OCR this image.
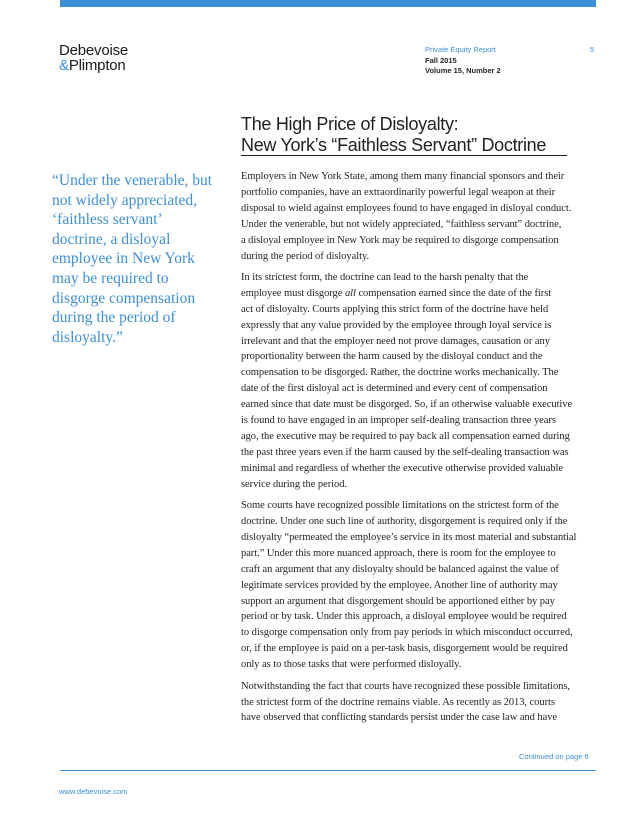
Debevoise
&Plimpton
Private Equity Report
Fall 2015
Volume 15, Number 2
5
The High Price of Disloyalty:
New York’s “Faithless Servant” Doctrine
“Under the venerable, but
not widely appreciated,
‘faithless servant’
doctrine, a disloyal
employee in New York
may be required to
disgorge compensation
during the period of
disloyalty.”

Employers in New York State, among them many financial sponsors and their
portfolio companies, have an extraordinarily powerful legal weapon at their
disposal to wield against employees found to have engaged in disloyal conduct.
Under the venerable, but not widely appreciated, “faithless servant” doctrine,
a disloyal employee in New York may be required to disgorge compensation
during the period of disloyalty.

In its strictest form, the doctrine can lead to the harsh penalty that the
employee must disgorge all compensation earned since the date of the first
act of disloyalty. Courts applying this strict form of the doctrine have held
expressly that any value provided by the employee through loyal service is
irrelevant and that the employer need not prove damages, causation or any
proportionality between the harm caused by the disloyal conduct and the
compensation to be disgorged. Rather, the doctrine works mechanically. The
date of the first disloyal act is determined and every cent of compensation
earned since that date must be disgorged. So, if an otherwise valuable executive
is found to have engaged in an improper self-dealing transaction three years
ago, the executive may be required to pay back all compensation earned during
the past three years even if the harm caused by the self-dealing transaction was
minimal and regardless of whether the executive otherwise provided valuable
service during the period.

Some courts have recognized possible limitations on the strictest form of the
doctrine. Under one such line of authority, disgorgement is required only if the
disloyalty “permeated the employee’s service in its most material and substantial
part.” Under this more nuanced approach, there is room for the employee to
craft an argument that any disloyalty should be balanced against the value of
legitimate services provided by the employee. Another line of authority may
support an argument that disgorgement should be apportioned either by pay
period or by task. Under this approach, a disloyal employee would be required
to disgorge compensation only from pay periods in which misconduct occurred,
or, if the employee is paid on a per-task basis, disgorgement would be required
only as to those tasks that were performed disloyally.

Notwithstanding the fact that courts have recognized these possible limitations,
the strictest form of the doctrine remains viable. As recently as 2013, courts
have observed that conflicting standards persist under the case law and have

Continued on page 6
www.debevoise.com
